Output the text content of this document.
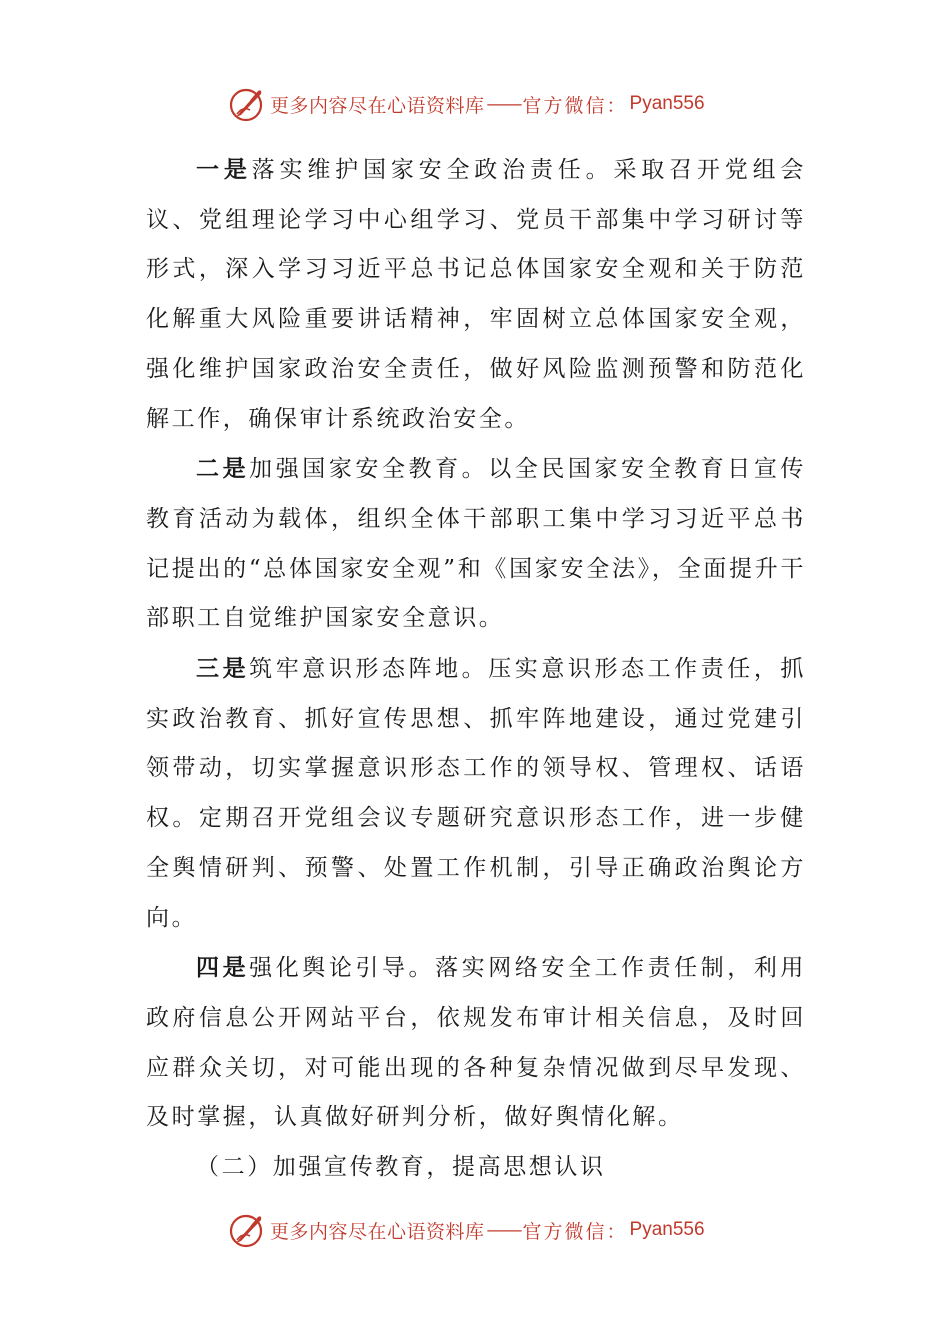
更多内容尽在心语资料库 —— 官方微信： Pyan556

一是落实维护国家安全政治责任。采取召开党组会议、党组理论学习中心组学习、党员干部集中学习研讨等形式，深入学习习近平总书记总体国家安全观和关于防范化解重大风险重要讲话精神，牢固树立总体国家安全观，强化维护国家政治安全责任，做好风险监测预警和防范化解工作，确保审计系统政治安全。

二是加强国家安全教育。以全民国家安全教育日宣传教育活动为载体，组织全体干部职工集中学习习近平总书记提出的“总体国家安全观”和《国家安全法》，全面提升干部职工自觉维护国家安全意识。

三是筑牢意识形态阵地。压实意识形态工作责任，抓实政治教育、抓好宣传思想、抓牢阵地建设，通过党建引领带动，切实掌握意识形态工作的领导权、管理权、话语权。定期召开党组会议专题研究意识形态工作，进一步健全舆情研判、预警、处置工作机制，引导正确政治舆论方向。

四是强化舆论引导。落实网络安全工作责任制，利用政府信息公开网站平台，依规发布审计相关信息，及时回应群众关切，对可能出现的各种复杂情况做到尽早发现、及时掌握，认真做好研判分析，做好舆情化解。

（二）加强宣传教育，提高思想认识

更多内容尽在心语资料库 —— 官方微信： Pyan556
